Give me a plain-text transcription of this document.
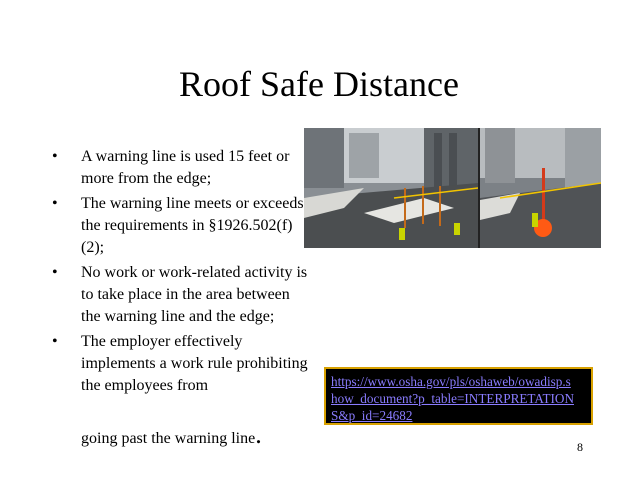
Roof Safe Distance
• A warning line is used 15 feet or more from the edge;
• The warning line meets or exceeds the requirements in §1926.502(f)(2);
• No work or work-related activity is to take place in the area between the warning line and the edge;
• The employer effectively implements a work rule prohibiting the employees from
going past the warning line.
https://www.osha.gov/pls/oshaweb/owadisp.s
how_document?p_table=INTERPRETATION
S&p_id=24682
8
